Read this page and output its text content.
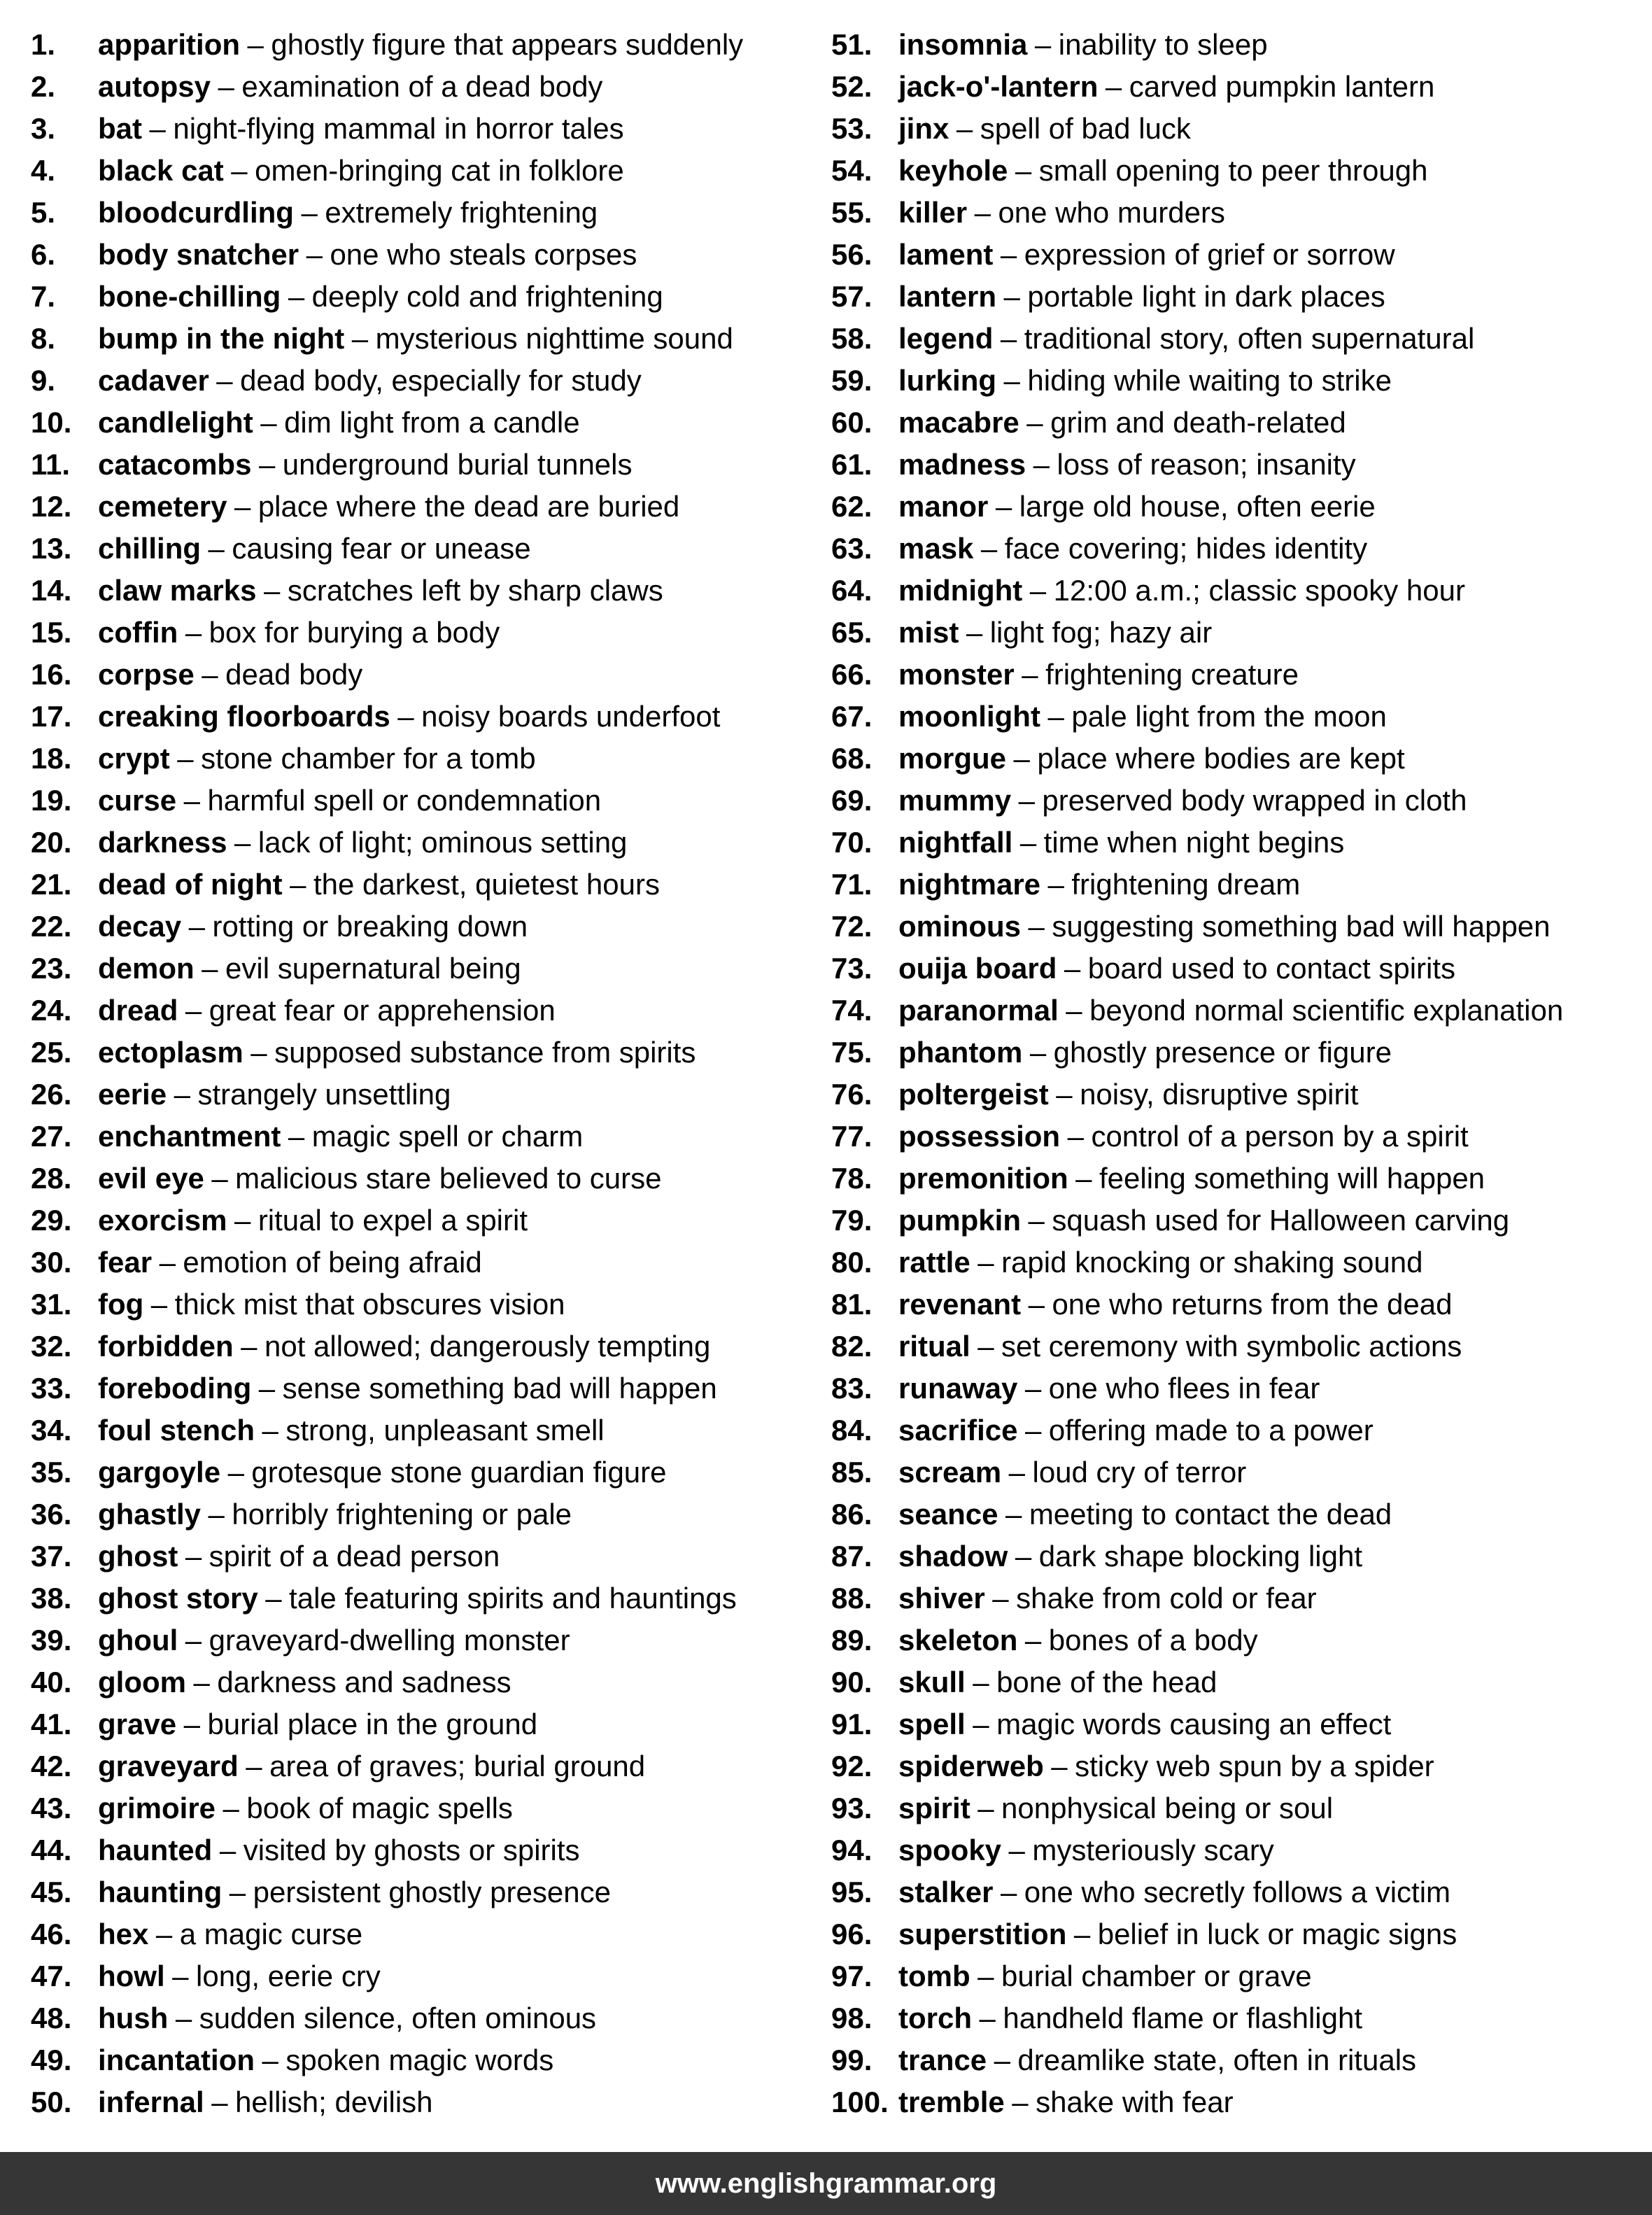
1.	apparition – ghostly figure that appears suddenly
2.	autopsy – examination of a dead body
3.	bat – night-flying mammal in horror tales
4.	black cat – omen-bringing cat in folklore
5.	bloodcurdling – extremely frightening
6.	body snatcher – one who steals corpses
7.	bone-chilling – deeply cold and frightening
8.	bump in the night – mysterious nighttime sound
9.	cadaver – dead body, especially for study
10. candlelight – dim light from a candle
11. catacombs – underground burial tunnels
12. cemetery – place where the dead are buried
13. chilling – causing fear or unease
14. claw marks – scratches left by sharp claws
15. coffin – box for burying a body
16. corpse – dead body
17. creaking floorboards – noisy boards underfoot
18. crypt – stone chamber for a tomb
19. curse – harmful spell or condemnation
20. darkness – lack of light; ominous setting
21. dead of night – the darkest, quietest hours
22. decay – rotting or breaking down
23. demon – evil supernatural being
24. dread – great fear or apprehension
25. ectoplasm – supposed substance from spirits
26. eerie – strangely unsettling
27. enchantment – magic spell or charm
28. evil eye – malicious stare believed to curse
29. exorcism – ritual to expel a spirit
30. fear – emotion of being afraid
31. fog – thick mist that obscures vision
32. forbidden – not allowed; dangerously tempting
33. foreboding – sense something bad will happen
34. foul stench – strong, unpleasant smell
35. gargoyle – grotesque stone guardian figure
36. ghastly – horribly frightening or pale
37. ghost – spirit of a dead person
38. ghost story – tale featuring spirits and hauntings
39. ghoul – graveyard-dwelling monster
40. gloom – darkness and sadness
41. grave – burial place in the ground
42. graveyard – area of graves; burial ground
43. grimoire – book of magic spells
44. haunted – visited by ghosts or spirits
45. haunting – persistent ghostly presence
46. hex – a magic curse
47. howl – long, eerie cry
48. hush – sudden silence, often ominous
49. incantation – spoken magic words
50. infernal – hellish; devilish
51. insomnia – inability to sleep
52. jack-o'-lantern – carved pumpkin lantern
53. jinx – spell of bad luck
54. keyhole – small opening to peer through
55. killer – one who murders
56. lament – expression of grief or sorrow
57. lantern – portable light in dark places
58. legend – traditional story, often supernatural
59. lurking – hiding while waiting to strike
60. macabre – grim and death-related
61. madness – loss of reason; insanity
62. manor – large old house, often eerie
63. mask – face covering; hides identity
64. midnight – 12:00 a.m.; classic spooky hour
65. mist – light fog; hazy air
66. monster – frightening creature
67. moonlight – pale light from the moon
68. morgue – place where bodies are kept
69. mummy – preserved body wrapped in cloth
70. nightfall – time when night begins
71. nightmare – frightening dream
72. ominous – suggesting something bad will happen
73. ouija board – board used to contact spirits
74. paranormal – beyond normal scientific explanation
75. phantom – ghostly presence or figure
76. poltergeist – noisy, disruptive spirit
77. possession – control of a person by a spirit
78. premonition – feeling something will happen
79. pumpkin – squash used for Halloween carving
80. rattle – rapid knocking or shaking sound
81. revenant – one who returns from the dead
82. ritual – set ceremony with symbolic actions
83. runaway – one who flees in fear
84. sacrifice – offering made to a power
85. scream – loud cry of terror
86. seance – meeting to contact the dead
87. shadow – dark shape blocking light
88. shiver – shake from cold or fear
89. skeleton – bones of a body
90. skull – bone of the head
91. spell – magic words causing an effect
92. spiderweb – sticky web spun by a spider
93. spirit – nonphysical being or soul
94. spooky – mysteriously scary
95. stalker – one who secretly follows a victim
96. superstition – belief in luck or magic signs
97. tomb – burial chamber or grave
98. torch – handheld flame or flashlight
99. trance – dreamlike state, often in rituals
100. tremble – shake with fear
www.englishgrammar.org
